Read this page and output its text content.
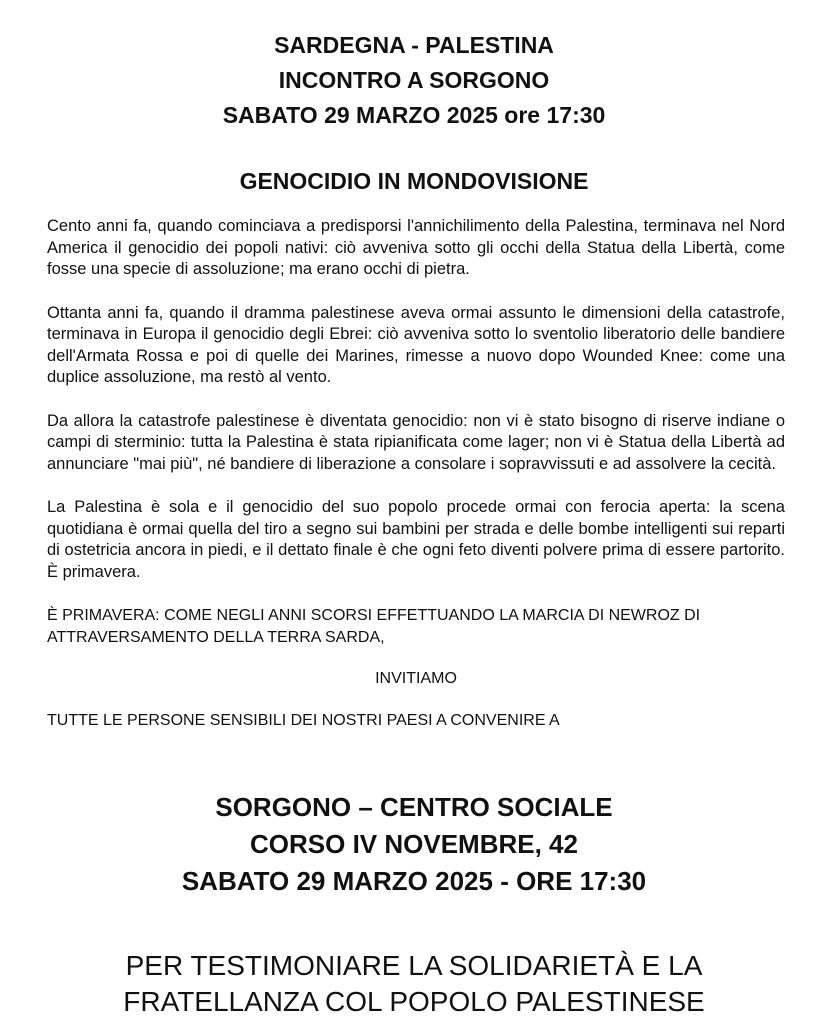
SARDEGNA - PALESTINA
INCONTRO A SORGONO
SABATO 29 MARZO 2025 ore 17:30
GENOCIDIO IN MONDOVISIONE

Cento anni fa, quando cominciava a predisporsi l'annichilimento della Palestina, terminava nel Nord America il genocidio dei popoli nativi: ciò avveniva sotto gli occhi della Statua della Libertà, come fosse una specie di assoluzione; ma erano occhi di pietra.

Ottanta anni fa, quando il dramma palestinese aveva ormai assunto le dimensioni della catastrofe, terminava in Europa il genocidio degli Ebrei: ciò avveniva sotto lo sventolio liberatorio delle bandiere dell'Armata Rossa e poi di quelle dei Marines, rimesse a nuovo dopo Wounded Knee: come una duplice assoluzione, ma restò al vento.

Da allora la catastrofe palestinese è diventata genocidio: non vi è stato bisogno di riserve indiane o campi di sterminio: tutta la Palestina è stata ripianificata come lager; non vi è Statua della Libertà ad annunciare "mai più", né bandiere di liberazione a consolare i sopravvissuti e ad assolvere la cecità.

La Palestina è sola e il genocidio del suo popolo procede ormai con ferocia aperta: la scena quotidiana è ormai quella del tiro a segno sui bambini per strada e delle bombe intelligenti sui reparti di ostetricia ancora in piedi, e il dettato finale è che ogni feto diventi polvere prima di essere partorito. È primavera.

È PRIMAVERA: COME NEGLI ANNI SCORSI EFFETTUANDO LA MARCIA DI NEWROZ DI ATTRAVERSAMENTO DELLA TERRA SARDA,

INVITIAMO

TUTTE LE PERSONE SENSIBILI DEI NOSTRI PAESI A CONVENIRE A

SORGONO – CENTRO SOCIALE
CORSO IV NOVEMBRE, 42
SABATO 29 MARZO 2025 - ORE 17:30
PER TESTIMONIARE LA SOLIDARIETÀ E LA
FRATELLANZA COL POPOLO PALESTINESE
